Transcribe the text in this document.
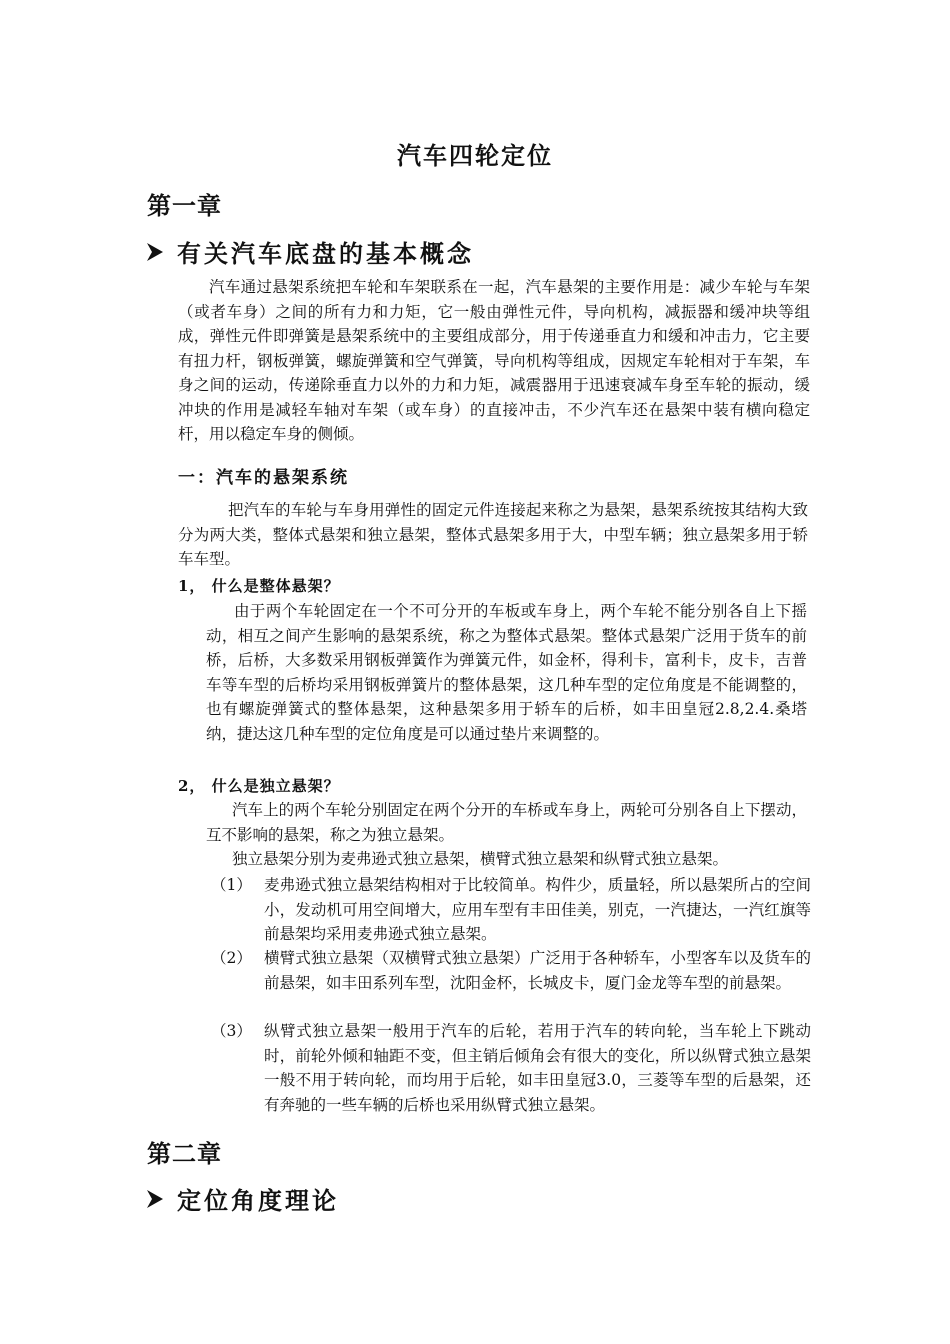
汽车四轮定位
第一章
有关汽车底盘的基本概念

汽车通过悬架系统把车轮和车架联系在一起，汽车悬架的主要作用是：减少车轮与车架（或者车身）之间的所有力和力矩，它一般由弹性元件，导向机构，减振器和缓冲块等组成，弹性元件即弹簧是悬架系统中的主要组成部分，用于传递垂直力和缓和冲击力，它主要有扭力杆，钢板弹簧，螺旋弹簧和空气弹簧，导向机构等组成，因规定车轮相对于车架，车身之间的运动，传递除垂直力以外的力和力矩，减震器用于迅速衰减车身至车轮的振动，缓冲块的作用是减轻车轴对车架（或车身）的直接冲击，不少汽车还在悬架中装有横向稳定杆，用以稳定车身的侧倾。

一：汽车的悬架系统

把汽车的车轮与车身用弹性的固定元件连接起来称之为悬架，悬架系统按其结构大致分为两大类，整体式悬架和独立悬架，整体式悬架多用于大，中型车辆；独立悬架多用于轿车车型。

1， 什么是整体悬架？

由于两个车轮固定在一个不可分开的车板或车身上，两个车轮不能分别各自上下摇动，相互之间产生影响的悬架系统，称之为整体式悬架。整体式悬架广泛用于货车的前桥，后桥，大多数采用钢板弹簧作为弹簧元件，如金杯，得利卡，富利卡，皮卡，吉普车等车型的后桥均采用钢板弹簧片的整体悬架，这几种车型的定位角度是不能调整的，也有螺旋弹簧式的整体悬架，这种悬架多用于轿车的后桥，如丰田皇冠2.8,2.4.桑塔纳，捷达这几种车型的定位角度是可以通过垫片来调整的。

2， 什么是独立悬架？

汽车上的两个车轮分别固定在两个分开的车桥或车身上，两轮可分别各自上下摆动，互不影响的悬架，称之为独立悬架。

独立悬架分别为麦弗逊式独立悬架，横臂式独立悬架和纵臂式独立悬架。

（1） 麦弗逊式独立悬架结构相对于比较简单。构件少，质量轻，所以悬架所占的空间小，发动机可用空间增大，应用车型有丰田佳美，别克，一汽捷达，一汽红旗等前悬架均采用麦弗逊式独立悬架。

（2） 横臂式独立悬架（双横臂式独立悬架）广泛用于各种轿车，小型客车以及货车的前悬架，如丰田系列车型，沈阳金杯，长城皮卡，厦门金龙等车型的前悬架。

（3） 纵臂式独立悬架一般用于汽车的后轮，若用于汽车的转向轮，当车轮上下跳动时，前轮外倾和轴距不变，但主销后倾角会有很大的变化，所以纵臂式独立悬架一般不用于转向轮，而均用于后轮，如丰田皇冠3.0，三菱等车型的后悬架，还有奔驰的一些车辆的后桥也采用纵臂式独立悬架。

第二章
定位角度理论
